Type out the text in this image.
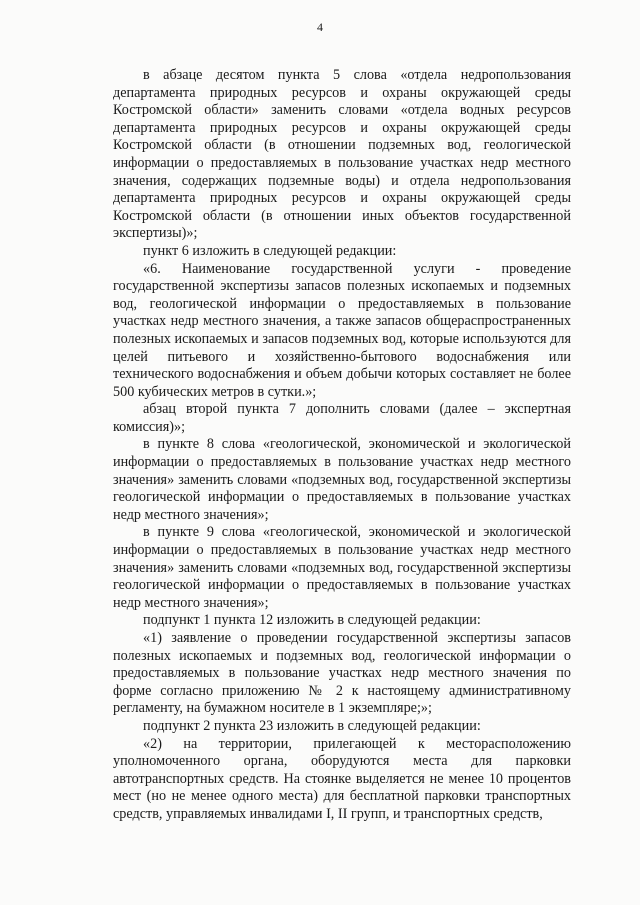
4

в абзаце десятом пункта 5 слова «отдела недропользования департамента природных ресурсов и охраны окружающей среды Костромской области» заменить словами «отдела водных ресурсов департамента природных ресурсов и охраны окружающей среды Костромской области (в отношении подземных вод, геологической информации о предоставляемых в пользование участках недр местного значения, содержащих подземные воды) и отдела недропользования департамента природных ресурсов и охраны окружающей среды Костромской области (в отношении иных объектов государственной экспертизы)»;

пункт 6 изложить в следующей редакции:

«6. Наименование государственной услуги - проведение государственной экспертизы запасов полезных ископаемых и подземных вод, геологической информации о предоставляемых в пользование участках недр местного значения, а также запасов общераспространенных полезных ископаемых и запасов подземных вод, которые используются для целей питьевого и хозяйственно-бытового водоснабжения или технического водоснабжения и объем добычи которых составляет не более 500 кубических метров в сутки.»;

абзац второй пункта 7 дополнить словами (далее – экспертная комиссия)»;

в пункте 8 слова «геологической, экономической и экологической информации о предоставляемых в пользование участках недр местного значения» заменить словами «подземных вод, государственной экспертизы геологической информации о предоставляемых в пользование участках недр местного значения»;

в пункте 9 слова «геологической, экономической и экологической информации о предоставляемых в пользование участках недр местного значения» заменить словами «подземных вод, государственной экспертизы геологической информации о предоставляемых в пользование участках недр местного значения»;

подпункт 1 пункта 12 изложить в следующей редакции:

«1) заявление о проведении государственной экспертизы запасов полезных ископаемых и подземных вод, геологической информации о предоставляемых в пользование участках недр местного значения по форме согласно приложению № 2 к настоящему административному регламенту, на бумажном носителе в 1 экземпляре;»;

подпункт 2 пункта 23 изложить в следующей редакции:

«2) на территории, прилегающей к месторасположению уполномоченного органа, оборудуются места для парковки автотранспортных средств. На стоянке выделяется не менее 10 процентов мест (но не менее одного места) для бесплатной парковки транспортных средств, управляемых инвалидами I, II групп, и транспортных средств,
